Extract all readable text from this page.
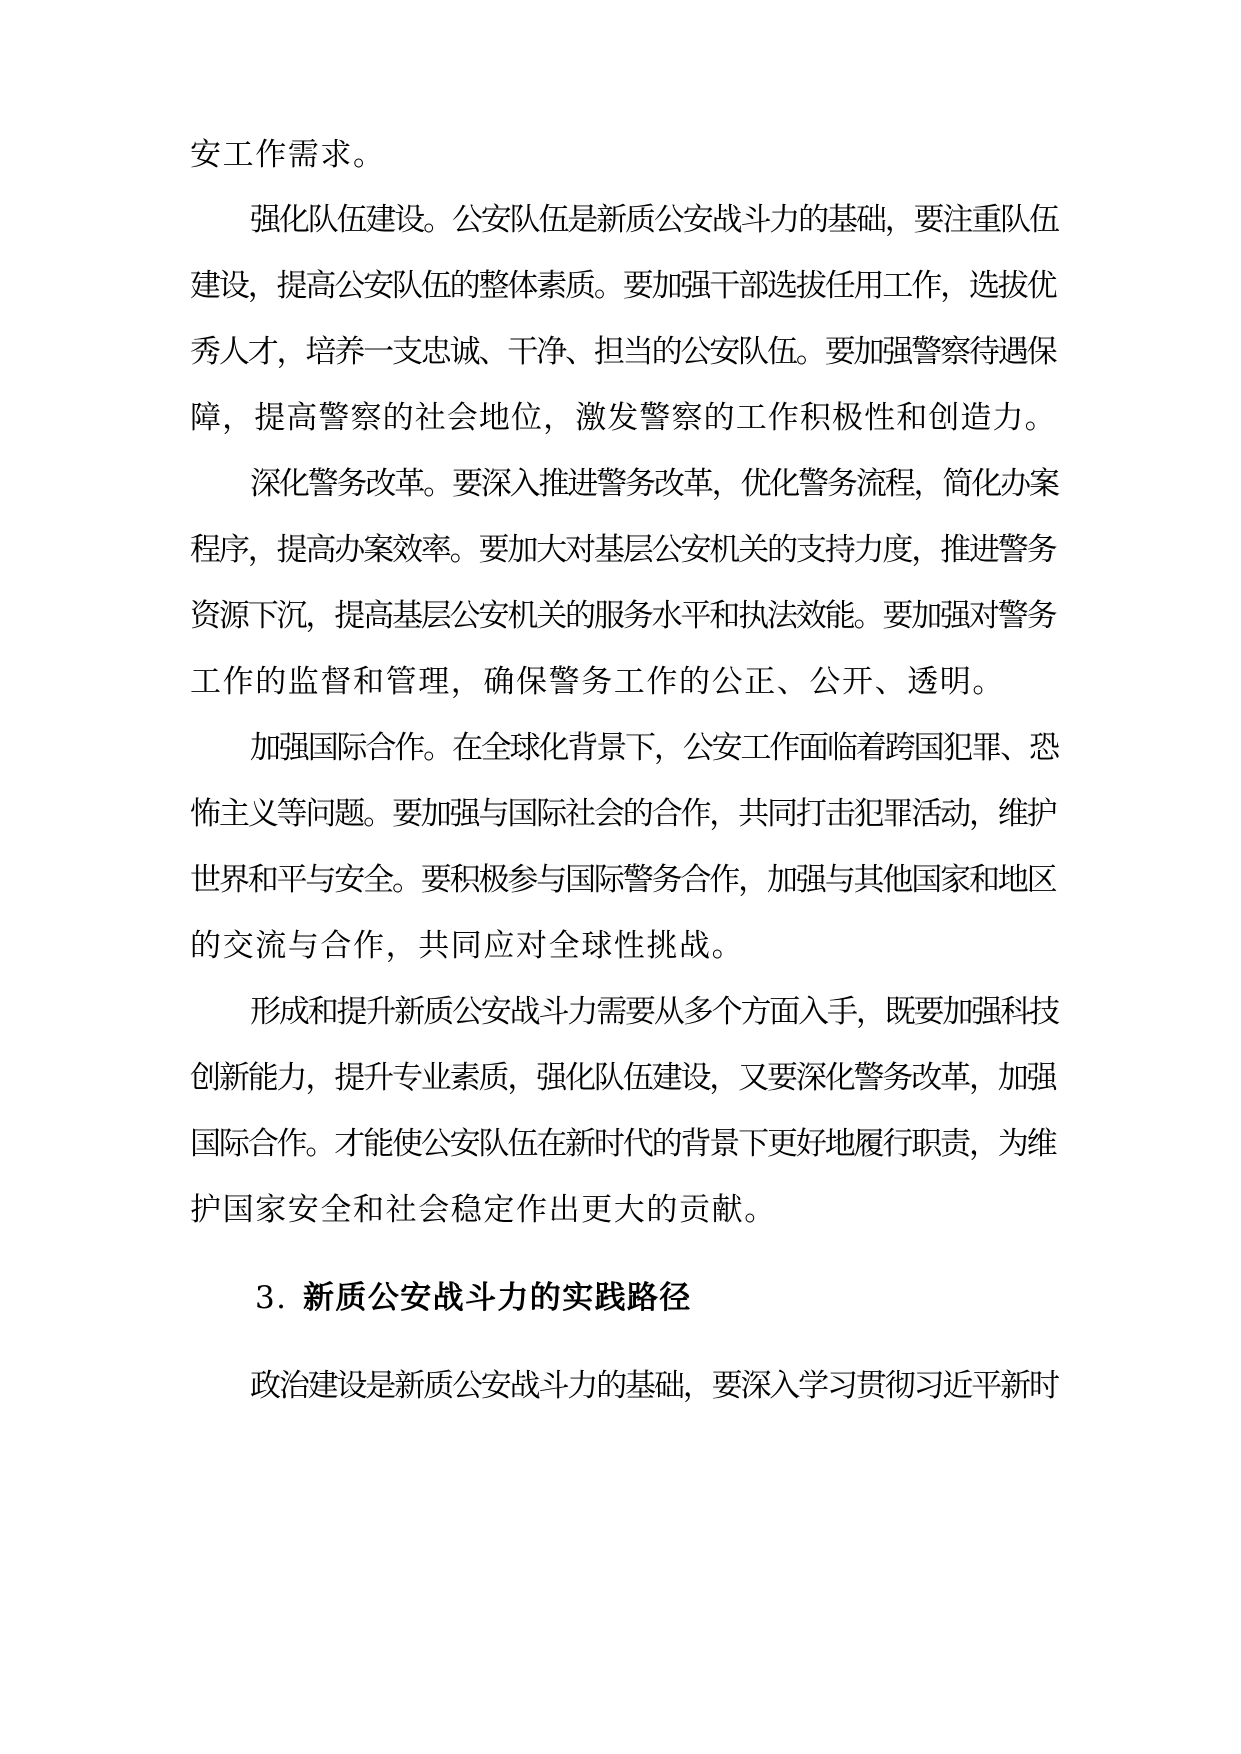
安工作需求。
强化队伍建设。公安队伍是新质公安战斗力的基础，要注重队伍
建设，提高公安队伍的整体素质。要加强干部选拔任用工作，选拔优
秀人才，培养一支忠诚、干净、担当的公安队伍。要加强警察待遇保
障，提高警察的社会地位，激发警察的工作积极性和创造力。
深化警务改革。要深入推进警务改革，优化警务流程，简化办案
程序，提高办案效率。要加大对基层公安机关的支持力度，推进警务
资源下沉，提高基层公安机关的服务水平和执法效能。要加强对警务
工作的监督和管理，确保警务工作的公正、公开、透明。
加强国际合作。在全球化背景下，公安工作面临着跨国犯罪、恐
怖主义等问题。要加强与国际社会的合作，共同打击犯罪活动，维护
世界和平与安全。要积极参与国际警务合作，加强与其他国家和地区
的交流与合作，共同应对全球性挑战。
形成和提升新质公安战斗力需要从多个方面入手，既要加强科技
创新能力，提升专业素质，强化队伍建设，又要深化警务改革，加强
国际合作。才能使公安队伍在新时代的背景下更好地履行职责，为维
护国家安全和社会稳定作出更大的贡献。
3. 新质公安战斗力的实践路径
政治建设是新质公安战斗力的基础，要深入学习贯彻习近平新时
